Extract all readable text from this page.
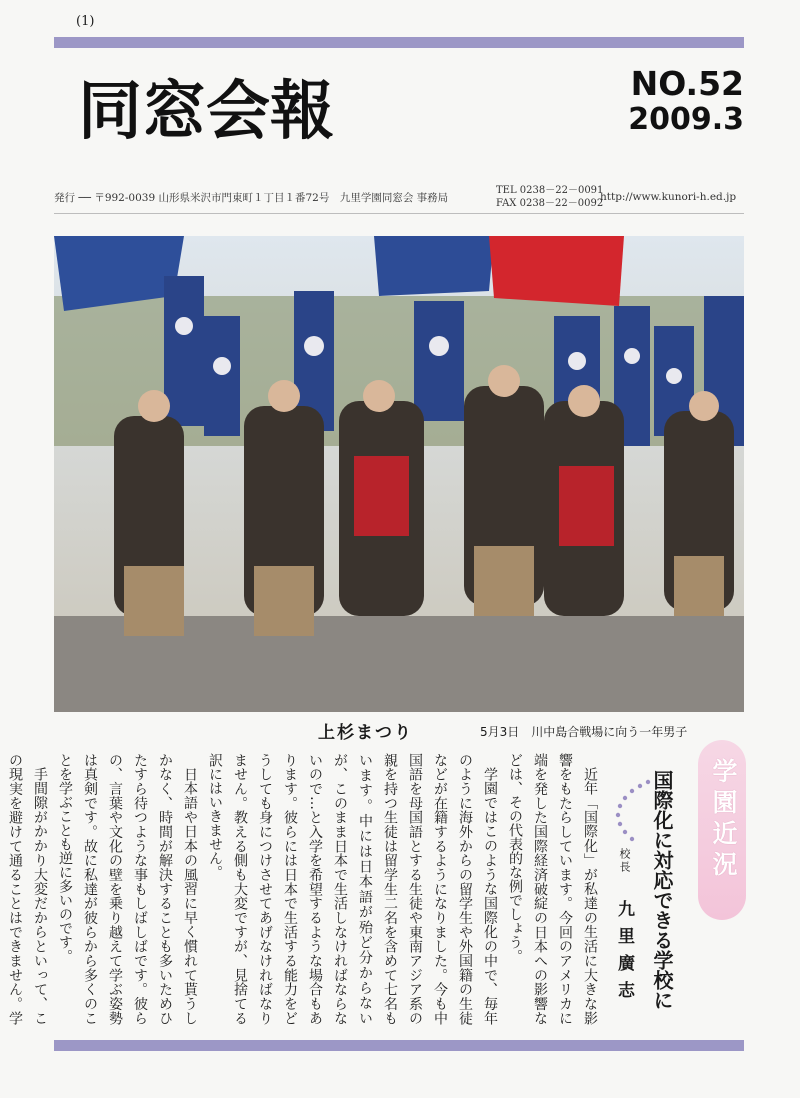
(1)
同窓会報	NO.52
2009.3
発行 ── 〒992-0039 山形県米沢市門東町１丁目１番72号　九里学園同窓会 事務局
TEL 0238－22－0091
FAX 0238－22－0092
http://www.kunori-h.ed.jp
上杉まつり	5月3日　川中島合戦場に向う一年男子
学園近況
国際化に対応できる学校に
校長
九里廣志

近年「国際化」が私達の生活に大きな影響をもたらしています。今回のアメリカに端を発した国際経済破綻の日本への影響などは、その代表的な例でしょう。

学園ではこのような国際化の中で、毎年のように海外からの留学生や外国籍の生徒などが在籍するようになりました。今も中国語を母国語とする生徒や東南アジア系の親を持つ生徒は留学生二名を含めて七名もいます。中には日本語が殆ど分からないが、このまま日本で生活しなければならないので…と入学を希望するような場合もあります。彼らには日本で生活する能力をどうしても身につけさせてあげなければなりません。教える側も大変ですが、見捨てる訳にはいきません。

日本語や日本の風習に早く慣れて貰うしかなく、時間が解決することも多いためひたすら待つような事もしばしばです。彼らの、言葉や文化の壁を乗り越えて学ぶ姿勢は真剣です。故に私達が彼らから多くのことを学ぶことも逆に多いのです。

手間隙がかかり大変だからといって、この現実を避けて通ることはできません。学
